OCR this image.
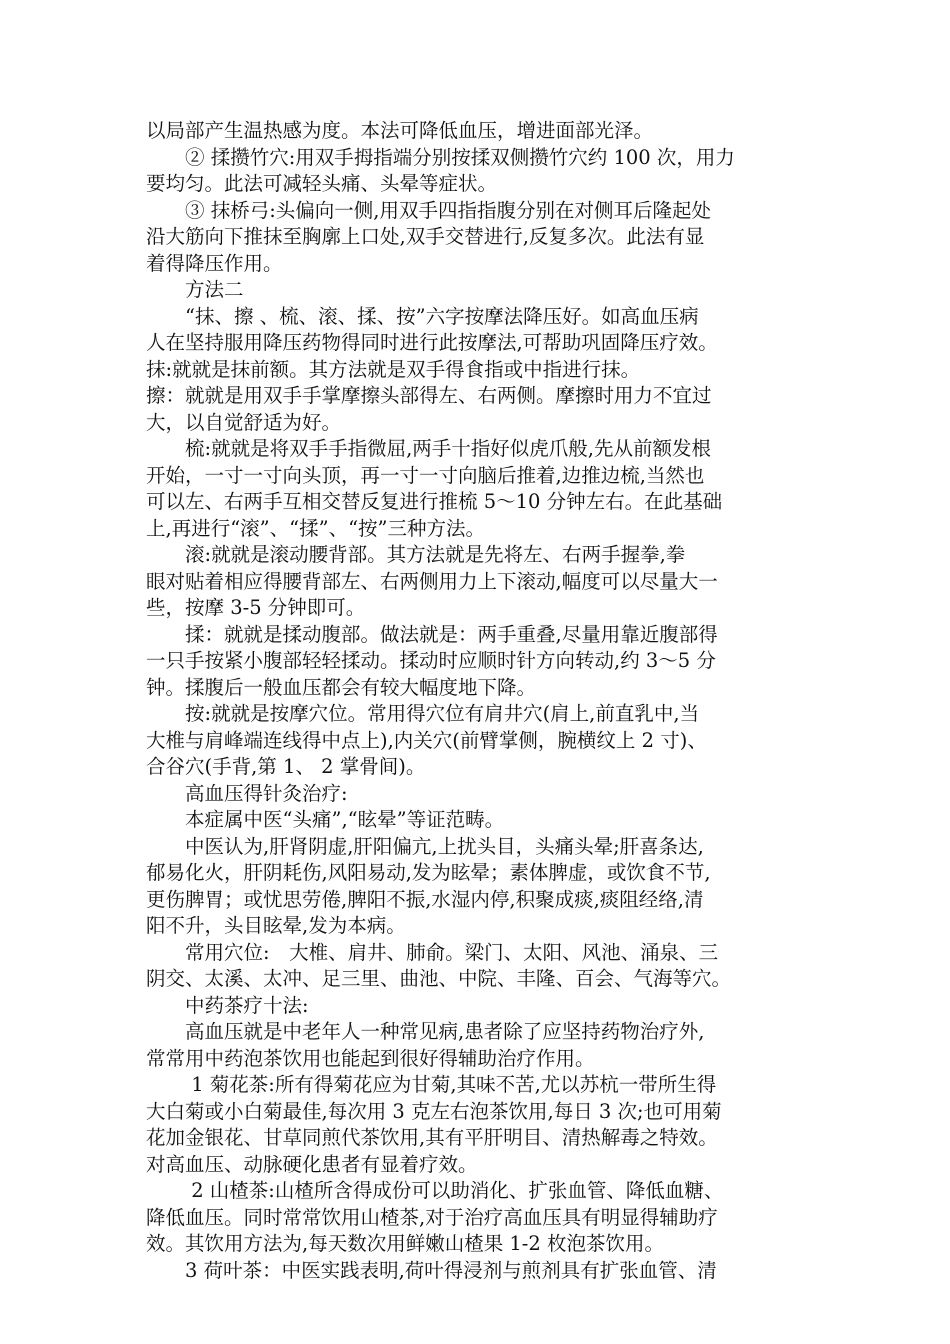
以局部产生温热感为度。本法可降低血压，增进面部光泽。
　　② 揉攒竹穴:用双手拇指端分别按揉双侧攒竹穴约 100 次，用力
要均匀。此法可减轻头痛、头晕等症状。
　　③ 抹桥弓:头偏向一侧,用双手四指指腹分别在对侧耳后隆起处
沿大筋向下推抹至胸廓上口处,双手交替进行,反复多次。此法有显
着得降压作用。
　　方法二
　　“抹、擦 、梳、滚、揉、按”六字按摩法降压好。如高血压病
人在坚持服用降压药物得同时进行此按摩法,可帮助巩固降压疗效。
抹:就就是抹前额。其方法就是双手得食指或中指进行抹。
擦：就就是用双手手掌摩擦头部得左、右两侧。摩擦时用力不宜过
大，以自觉舒适为好。
　　梳:就就是将双手手指微屈,两手十指好似虎爪般,先从前额发根
开始，一寸一寸向头顶，再一寸一寸向脑后推着,边推边梳,当然也
可以左、右两手互相交替反复进行推梳 5～10 分钟左右。在此基础
上,再进行“滚”、“揉”、“按”三种方法。
　　滚:就就是滚动腰背部。其方法就是先将左、右两手握拳,拳
眼对贴着相应得腰背部左、右两侧用力上下滚动,幅度可以尽量大一
些，按摩 3-5 分钟即可。
　　揉：就就是揉动腹部。做法就是：两手重叠,尽量用靠近腹部得
一只手按紧小腹部轻轻揉动。揉动时应顺时针方向转动,约 3～5 分
钟。揉腹后一般血压都会有较大幅度地下降。
　　按:就就是按摩穴位。常用得穴位有肩井穴(肩上,前直乳中,当
大椎与肩峰端连线得中点上),内关穴(前臂掌侧，腕横纹上 2 寸)、
合谷穴(手背,第 1、 2 掌骨间)。
　　高血压得针灸治疗:
　　本症属中医“头痛”,“眩晕”等证范畴。
　　中医认为,肝肾阴虚,肝阳偏亢,上扰头目，头痛头晕;肝喜条达,
郁易化火，肝阴耗伤,风阳易动,发为眩晕；素体脾虚，或饮食不节,
更伤脾胃；或忧思劳倦,脾阳不振,水湿内停,积聚成痰,痰阻经络,清
阳不升，头目眩晕,发为本病。
　　常用穴位:　大椎、肩井、肺俞。梁门、太阳、风池、涌泉、三
阴交、太溪、太冲、足三里、曲池、中院、丰隆、百会、气海等穴。
　　中药茶疗十法:
　　高血压就是中老年人一种常见病,患者除了应坚持药物治疗外,
常常用中药泡茶饮用也能起到很好得辅助治疗作用。
　　 1 菊花茶:所有得菊花应为甘菊,其味不苦,尤以苏杭一带所生得
大白菊或小白菊最佳,每次用 3 克左右泡茶饮用,每日 3 次;也可用菊
花加金银花、甘草同煎代茶饮用,其有平肝明目、清热解毒之特效。
对高血压、动脉硬化患者有显着疗效。
　　 2 山楂茶:山楂所含得成份可以助消化、扩张血管、降低血糖、
降低血压。同时常常饮用山楂茶,对于治疗高血压具有明显得辅助疗
效。其饮用方法为,每天数次用鲜嫩山楂果 1-2 枚泡茶饮用。
　　3 荷叶茶：中医实践表明,荷叶得浸剂与煎剂具有扩张血管、清
